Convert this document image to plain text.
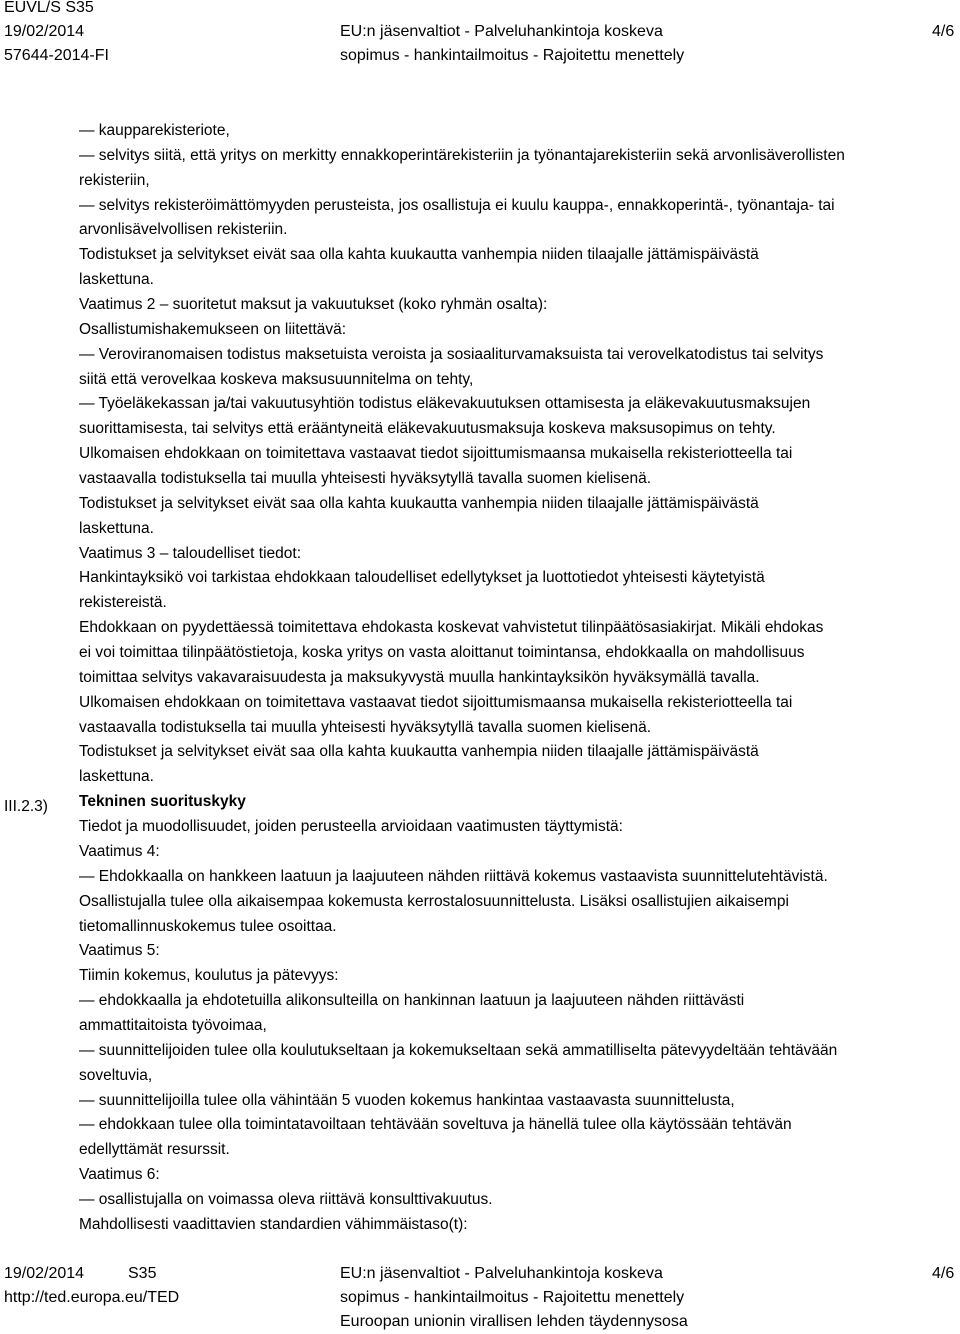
EUVL/S S35
19/02/2014
57644-2014-FI
EU:n jäsenvaltiot - Palveluhankintoja koskeva
sopimus - hankintailmoitus - Rajoitettu menettely
4/6
III.2.3)
— kaupparekisteriote,
— selvitys siitä, että yritys on merkitty ennakkoperintärekisteriin ja työnantajarekisteriin sekä arvonlisäverollisten
rekisteriin,
— selvitys rekisteröimättömyyden perusteista, jos osallistuja ei kuulu kauppa-, ennakkoperintä-, työnantaja- tai
arvonlisävelvollisen rekisteriin.
Todistukset ja selvitykset eivät saa olla kahta kuukautta vanhempia niiden tilaajalle jättämispäivästä
laskettuna.
Vaatimus 2 – suoritetut maksut ja vakuutukset (koko ryhmän osalta):
Osallistumishakemukseen on liitettävä:
— Veroviranomaisen todistus maksetuista veroista ja sosiaaliturvamaksuista tai verovelkatodistus tai selvitys
siitä että verovelkaa koskeva maksusuunnitelma on tehty,
— Työeläkekassan ja/tai vakuutusyhtiön todistus eläkevakuutuksen ottamisesta ja eläkevakuutusmaksujen
suorittamisesta, tai selvitys että erääntyneitä eläkevakuutusmaksuja koskeva maksusopimus on tehty.
Ulkomaisen ehdokkaan on toimitettava vastaavat tiedot sijoittumismaansa mukaisella rekisteriotteella tai
vastaavalla todistuksella tai muulla yhteisesti hyväksytyllä tavalla suomen kielisenä.
Todistukset ja selvitykset eivät saa olla kahta kuukautta vanhempia niiden tilaajalle jättämispäivästä
laskettuna.
Vaatimus 3 – taloudelliset tiedot:
Hankintayksikö voi tarkistaa ehdokkaan taloudelliset edellytykset ja luottotiedot yhteisesti käytetyistä
rekistereistä.
Ehdokkaan on pyydettäessä toimitettava ehdokasta koskevat vahvistetut tilinpäätösasiakirjat. Mikäli ehdokas
ei voi toimittaa tilinpäätöstietoja, koska yritys on vasta aloittanut toimintansa, ehdokkaalla on mahdollisuus
toimittaa selvitys vakavaraisuudesta ja maksukyvystä muulla hankintayksikön hyväksymällä tavalla.
Ulkomaisen ehdokkaan on toimitettava vastaavat tiedot sijoittumismaansa mukaisella rekisteriotteella tai
vastaavalla todistuksella tai muulla yhteisesti hyväksytyllä tavalla suomen kielisenä.
Todistukset ja selvitykset eivät saa olla kahta kuukautta vanhempia niiden tilaajalle jättämispäivästä
laskettuna.
Tekninen suorituskyky
Tiedot ja muodollisuudet, joiden perusteella arvioidaan vaatimusten täyttymistä:
Vaatimus 4:
— Ehdokkaalla on hankkeen laatuun ja laajuuteen nähden riittävä kokemus vastaavista suunnittelutehtävistä.
Osallistujalla tulee olla aikaisempaa kokemusta kerrostalosuunnittelusta. Lisäksi osallistujien aikaisempi
tietomallinnuskokemus tulee osoittaa.
Vaatimus 5:
Tiimin kokemus, koulutus ja pätevyys:
— ehdokkaalla ja ehdotetuilla alikonsulteilla on hankinnan laatuun ja laajuuteen nähden riittävästi
ammattitaitoista työvoimaa,
— suunnittelijoiden tulee olla koulutukseltaan ja kokemukseltaan sekä ammatilliselta pätevyydeltään tehtävään
soveltuvia,
— suunnittelijoilla tulee olla vähintään 5 vuoden kokemus hankintaa vastaavasta suunnittelusta,
— ehdokkaan tulee olla toimintatavoiltaan tehtävään soveltuva ja hänellä tulee olla käytössään tehtävän
edellyttämät resurssit.
Vaatimus 6:
— osallistujalla on voimassa oleva riittävä konsulttivakuutus.
Mahdollisesti vaadittavien standardien vähimmäistaso(t):
19/02/2014	S35
http://ted.europa.eu/TED
EU:n jäsenvaltiot - Palveluhankintoja koskeva
sopimus - hankintailmoitus - Rajoitettu menettely
Euroopan unionin virallisen lehden täydennysosa
4/6
